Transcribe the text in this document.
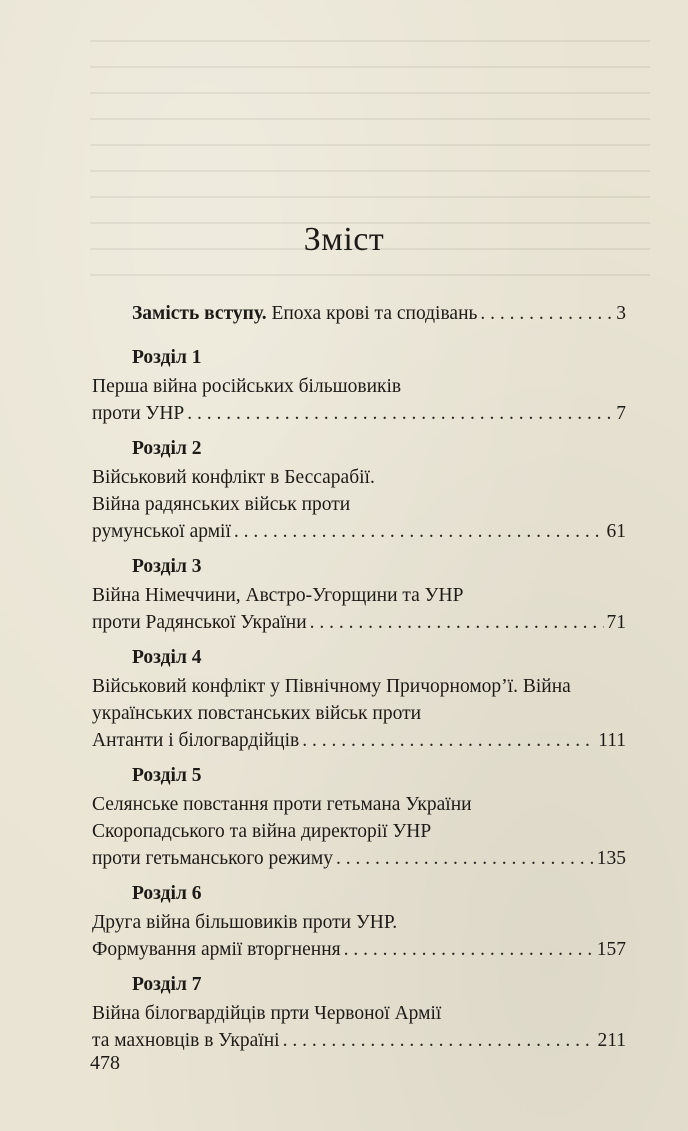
Зміст
Замість вступу. Епоха крові та сподівань . . .	3
Розділ 1
Перша війна російських більшовиків
проти УНР . . .	7
Розділ 2
Військовий конфлікт в Бессарабії.
Війна радянських військ проти
румунської армії . . .	61
Розділ 3
Війна Німеччини, Австро-Угорщини та УНР
проти Радянської України . . .	71
Розділ 4
Військовий конфлікт у Північному Причорномор’ї. Війна
українських повстанських військ проти
Антанти і білогвардійців . . .	111
Розділ 5
Селянське повстання проти гетьмана України
Скоропадського та війна директорії УНР
проти гетьманського режиму . . .	135
Розділ 6
Друга війна більшовиків проти УНР.
Формування армії вторгнення . . .	157
Розділ 7
Війна білогвардійців прти Червоної Армії
та махновців в Україні . . .	211
478
